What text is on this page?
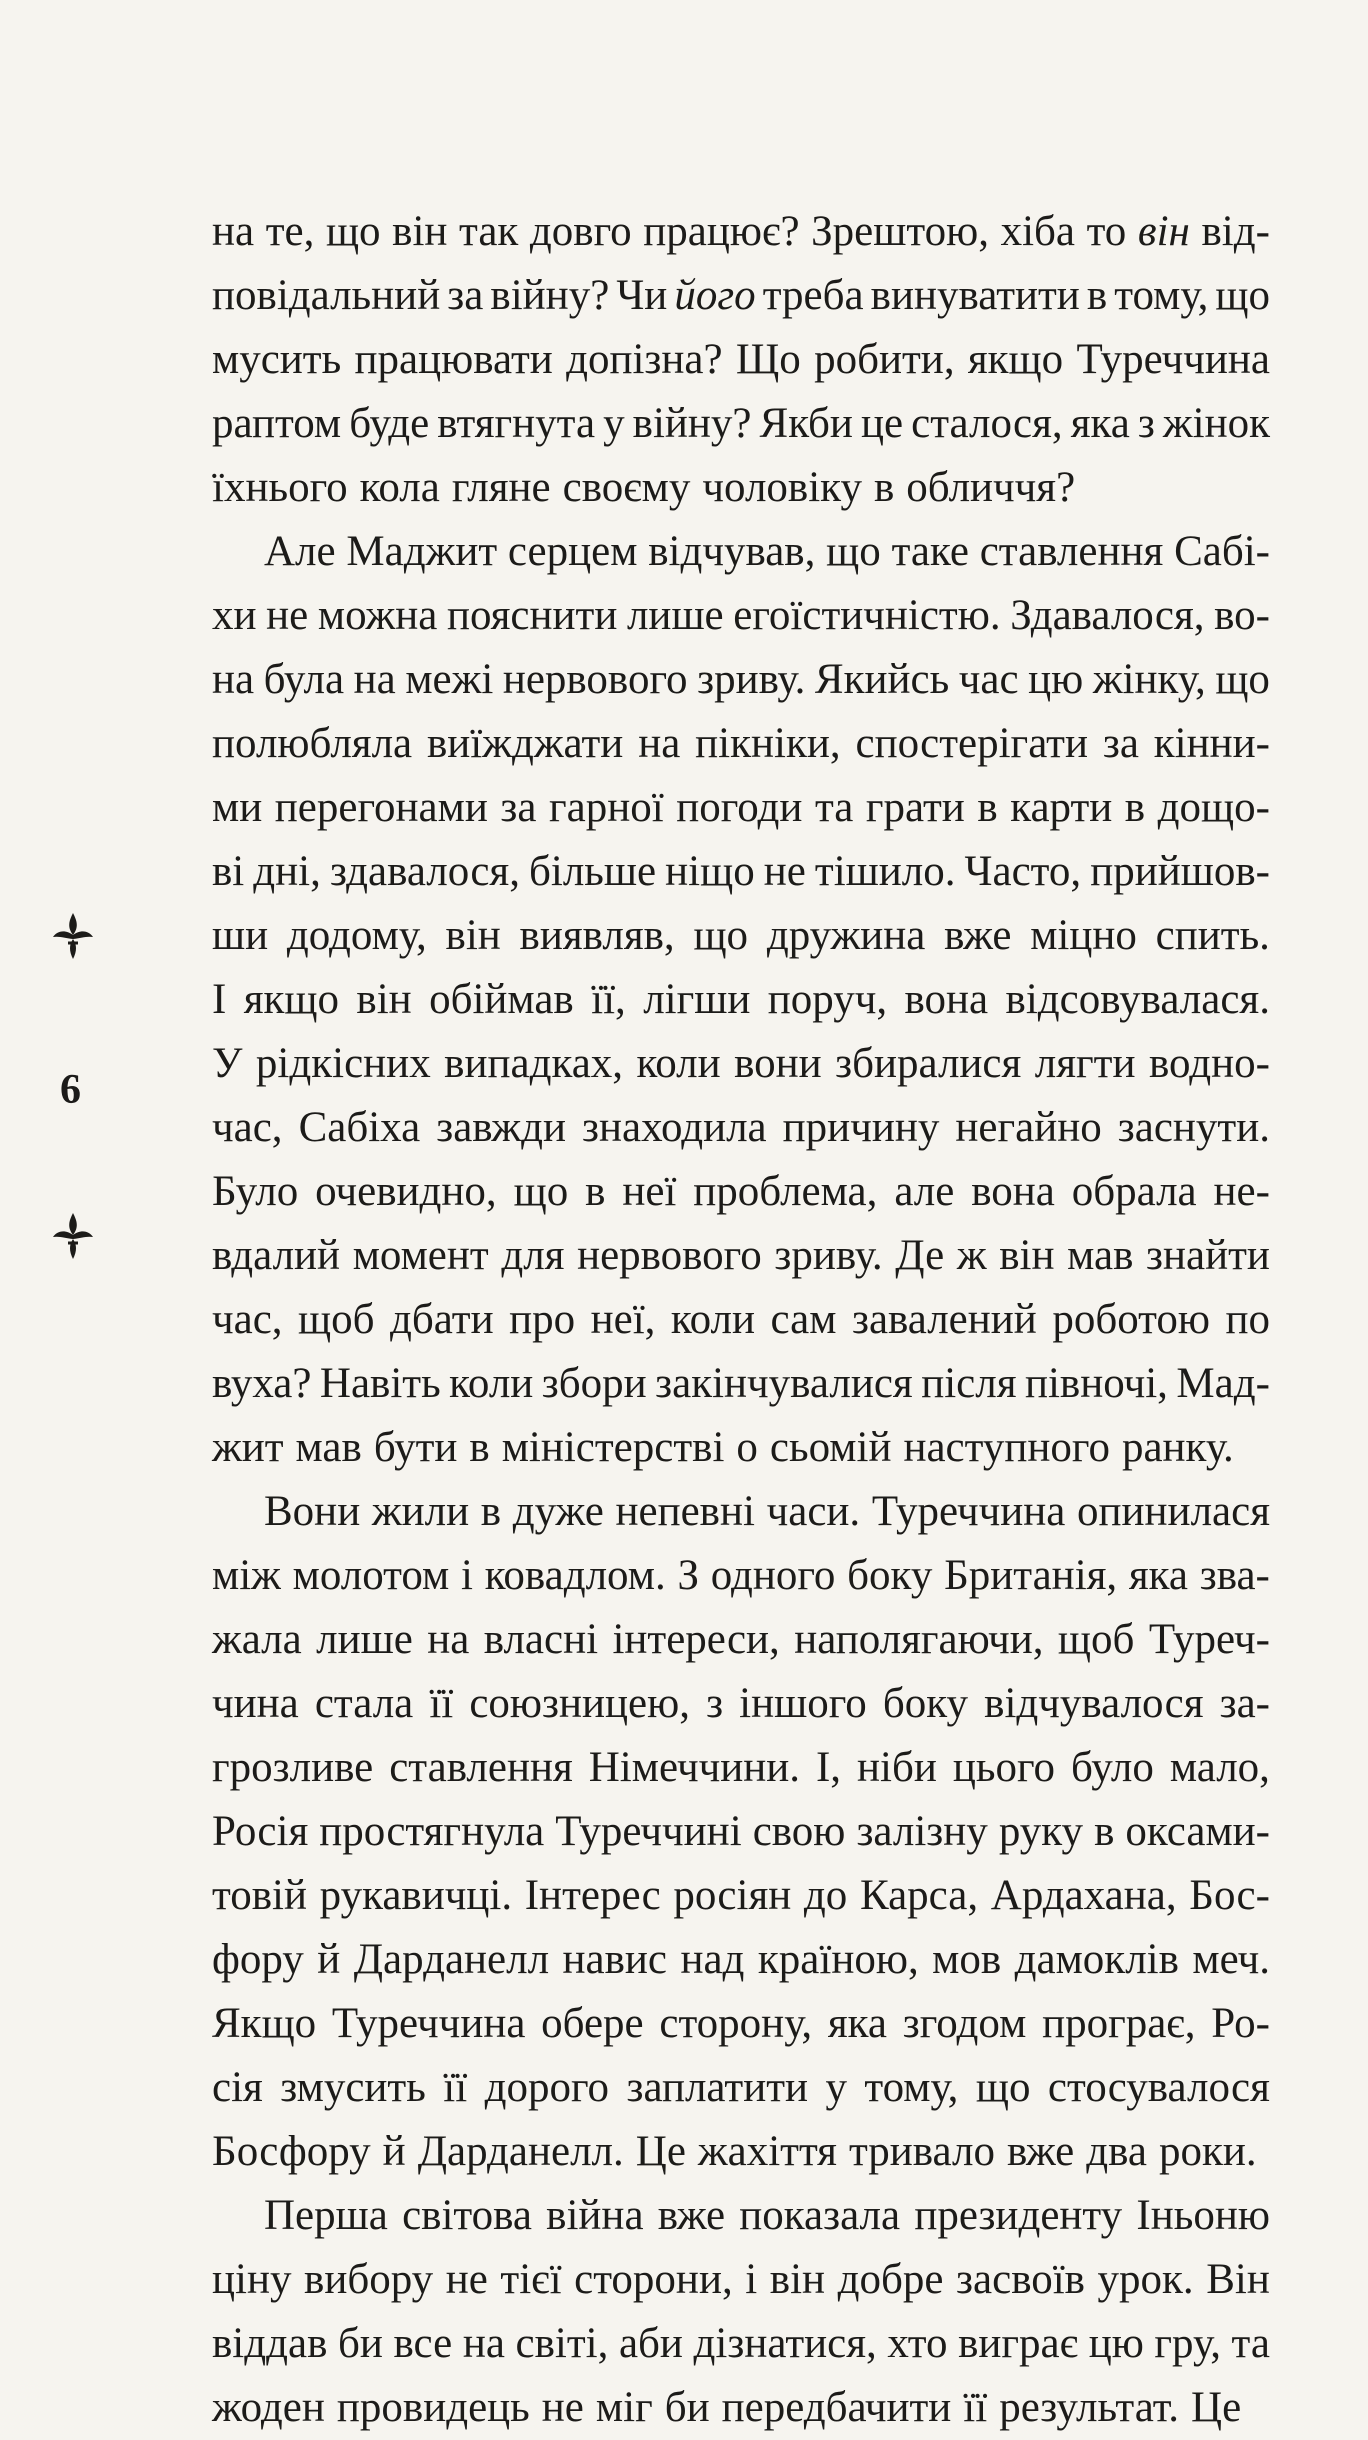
6
на те, що він так довго працює? Зрештою, хіба то він від-
повідальний за війну? Чи його треба винуватити в тому, що
мусить працювати допізна? Що робити, якщо Туреччина
раптом буде втягнута у війну? Якби це сталося, яка з жінок
їхнього кола гляне своєму чоловіку в обличчя?
Але Маджит серцем відчував, що таке ставлення Сабі-
хи не можна пояснити лише егоїстичністю. Здавалося, во-
на була на межі нервового зриву. Якийсь час цю жінку, що
полюбляла виїжджати на пікніки, спостерігати за кінни-
ми перегонами за гарної погоди та грати в карти в дощо-
ві дні, здавалося, більше ніщо не тішило. Часто, прийшов-
ши додому, він виявляв, що дружина вже міцно спить.
І якщо він обіймав її, лігши поруч, вона відсовувалася.
У рідкісних випадках, коли вони збиралися лягти водно-
час, Сабіха завжди знаходила причину негайно заснути.
Було очевидно, що в неї проблема, але вона обрала не-
вдалий момент для нервового зриву. Де ж він мав знайти
час, щоб дбати про неї, коли сам завалений роботою по
вуха? Навіть коли збори закінчувалися після півночі, Мад-
жит мав бути в міністерстві о сьомій наступного ранку.
Вони жили в дуже непевні часи. Туреччина опинилася
між молотом і ковадлом. З одного боку Британія, яка зва-
жала лише на власні інтереси, наполягаючи, щоб Туреч-
чина стала її союзницею, з іншого боку відчувалося за-
грозливе ставлення Німеччини. І, ніби цього було мало,
Росія простягнула Туреччині свою залізну руку в оксами-
товій рукавичці. Інтерес росіян до Карса, Ардахана, Бос-
фору й Дарданелл навис над країною, мов дамоклів меч.
Якщо Туреччина обере сторону, яка згодом програє, Ро-
сія змусить її дорого заплатити у тому, що стосувалося
Босфору й Дарданелл. Це жахіття тривало вже два роки.
Перша світова війна вже показала президенту Іньоню
ціну вибору не тієї сторони, і він добре засвоїв урок. Він
віддав би все на світі, аби дізнатися, хто виграє цю гру, та
жоден провидець не міг би передбачити її результат. Це
